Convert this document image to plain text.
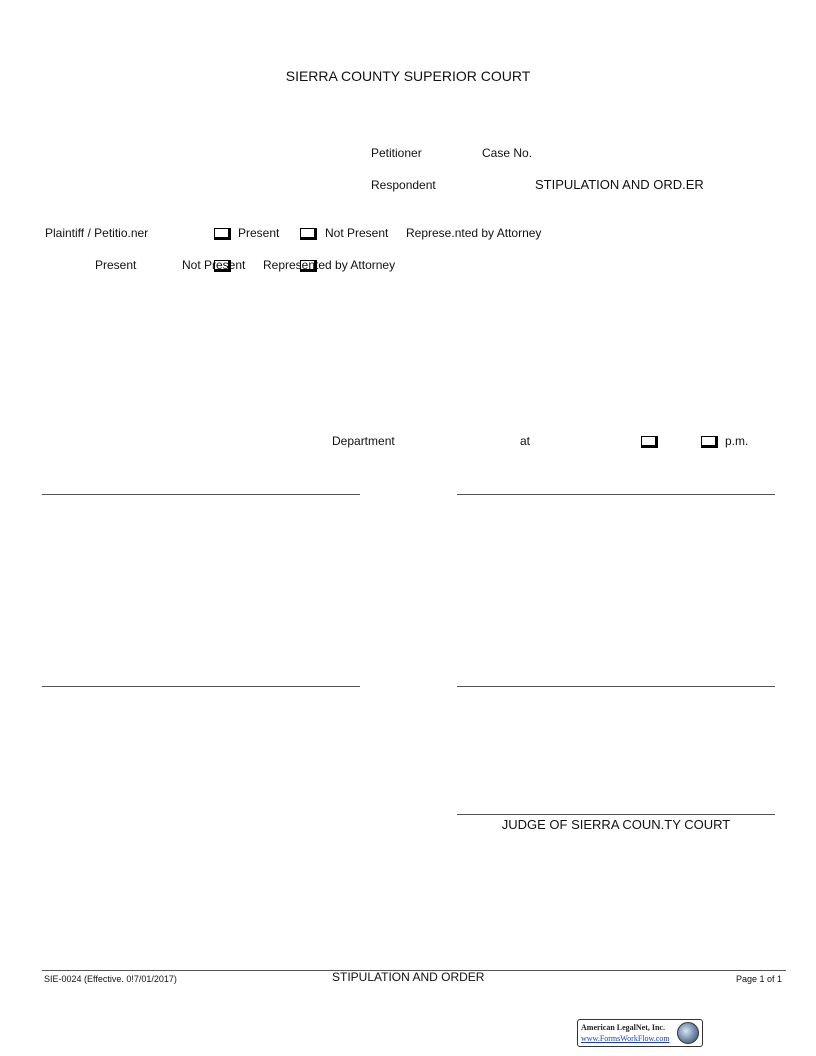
SIERRA COUNTY SUPERIOR COURT
Petitioner	Case No.
Respondent	STIPULATION AND ORD.ER
Plaintiff / Petitio.ner	Present	Not Present Represe.nted by Attorney
Present	Not Present Represented by Attorney
Department	at	p.m.
JUDGE OF SIERRA COUN.TY COURT
SIE-0024 (Effective. 0!7/01/2017)	STIPULATION AND ORDER	Page 1 of 1
American LegalNet, Inc.
www.FormsWorkFlow.com
